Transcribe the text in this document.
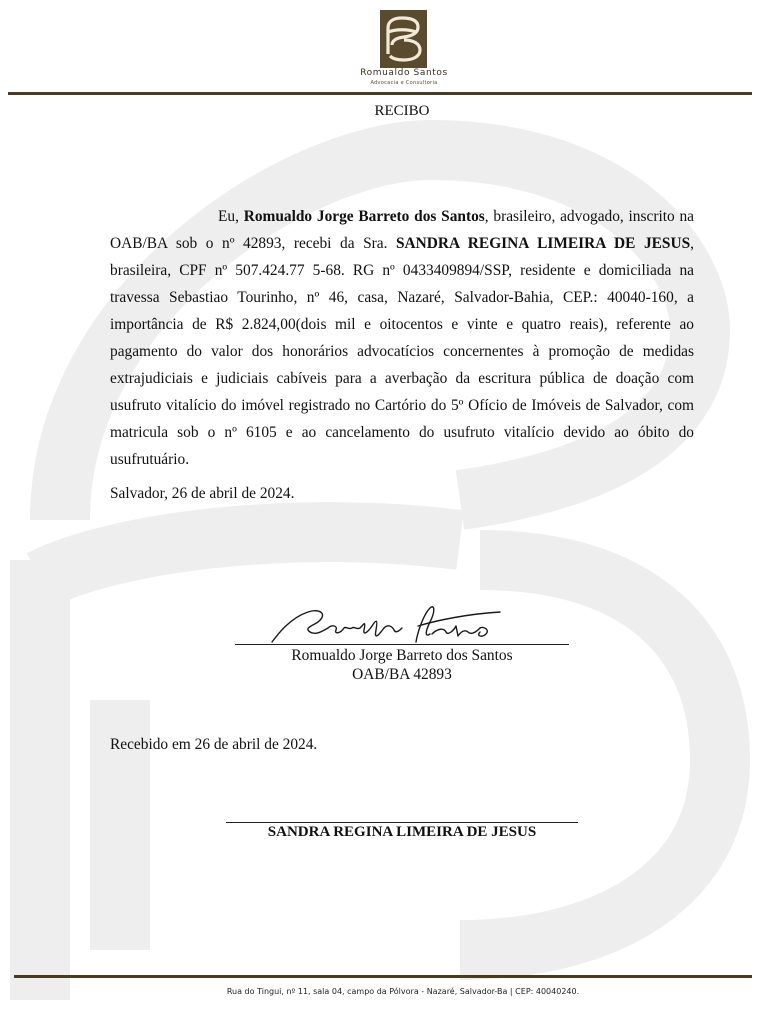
Romualdo Santos
Advocacia e Consultoria
RECIBO
Eu, Romualdo Jorge Barreto dos Santos, brasileiro, advogado, inscrito na OAB/BA sob o nº 42893, recebi da Sra. SANDRA REGINA LIMEIRA DE JESUS, brasileira, CPF nº 507.424.77 5-68. RG nº 0433409894/SSP, residente e domiciliada na travessa Sebastiao Tourinho, nº 46, casa, Nazaré, Salvador-Bahia, CEP.: 40040-160, a importância de R$ 2.824,00(dois mil e oitocentos e vinte e quatro reais), referente ao pagamento do valor dos honorários advocatícios concernentes à promoção de medidas extrajudiciais e judiciais cabíveis para a averbação da escritura pública de doação com usufruto vitalício do imóvel registrado no Cartório do 5º Ofício de Imóveis de Salvador, com matricula sob o nº 6105 e ao cancelamento do usufruto vitalício devido ao óbito do usufrutuário.
Salvador, 26 de abril de 2024.
Romualdo Jorge Barreto dos Santos
OAB/BA 42893
Recebido em 26 de abril de 2024.
SANDRA REGINA LIMEIRA DE JESUS
Rua do Tingui, nº 11, sala 04, campo da Pólvora - Nazaré, Salvador-Ba | CEP: 40040240.
